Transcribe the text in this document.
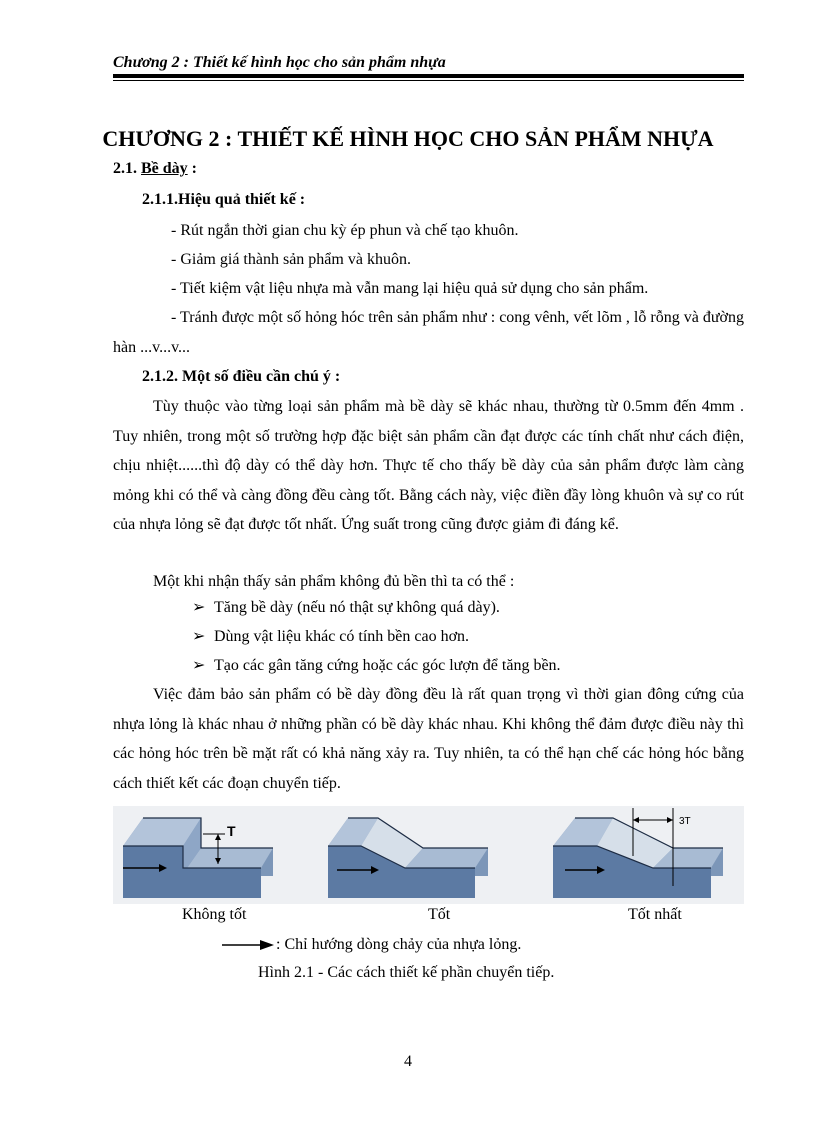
Chương 2 : Thiết kế hình học cho sản phẩm nhựa
CHƯƠNG 2 : THIẾT KẾ HÌNH HỌC CHO SẢN PHẨM NHỰA
2.1. Bề dày :
2.1.1.Hiệu quả thiết kế :
- Rút ngắn thời gian chu kỳ ép phun và chế tạo khuôn.
- Giảm giá thành sản phẩm và khuôn.
- Tiết kiệm vật liệu nhựa mà vẫn mang lại hiệu quả sử dụng cho sản phẩm.
- Tránh được một số hỏng hóc trên sản phẩm như : cong vênh, vết lõm , lỗ rỗng và đường hàn ...v...v...
2.1.2. Một số điều cần chú ý :
Tùy thuộc vào từng loại sản phẩm mà bề dày sẽ khác nhau, thường từ 0.5mm đến 4mm . Tuy nhiên, trong một số trường hợp đặc biệt sản phẩm cần đạt được các tính chất như cách điện, chịu nhiệt......thì độ dày có thể dày hơn. Thực tế cho thấy bề dày của sản phẩm được làm càng mỏng khi có thể và càng đồng đều càng tốt. Bằng cách này, việc điền đầy lòng khuôn và sự co rút của nhựa lỏng sẽ đạt được tốt nhất. Ứng suất trong cũng được giảm đi đáng kể.
Một khi nhận thấy sản phẩm không đủ bền thì ta có thể :
➢ Tăng bề dày (nếu nó thật sự không quá dày).
➢ Dùng vật liệu khác có tính bền cao hơn.
➢ Tạo các gân tăng cứng hoặc các góc lượn để tăng bền.
Việc đảm bảo sản phẩm có bề dày đồng đều là rất quan trọng vì thời gian đông cứng của nhựa lỏng là khác nhau ở những phần có bề dày khác nhau. Khi không thể đảm được điều này thì các hỏng hóc trên bề mặt rất có khả năng xảy ra. Tuy nhiên, ta có thể hạn chế các hỏng hóc bằng cách thiết kết các đoạn chuyển tiếp.
T
3T
Không tốt	Tốt	Tốt nhất
: Chỉ hướng dòng chảy của nhựa lỏng.
Hình 2.1 - Các cách thiết kế phần chuyển tiếp.
4
